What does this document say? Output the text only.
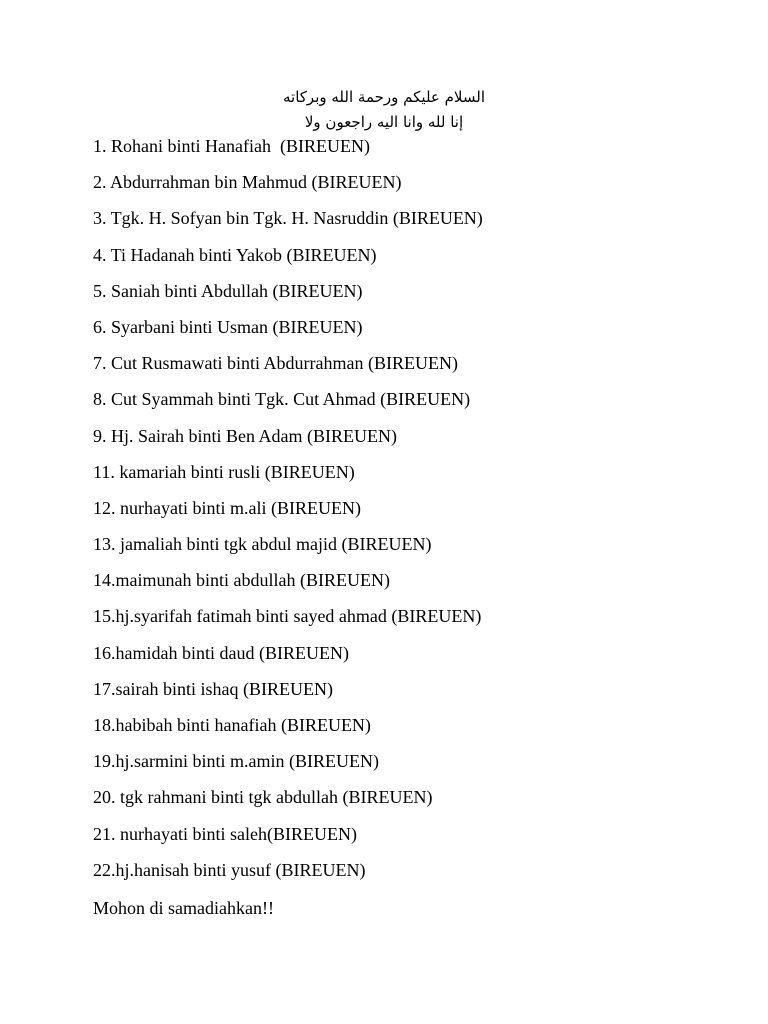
السلام عليكم ورحمة الله وبركاته
إنا لله وانا اليه راجعون ولا
1. Rohani binti Hanafiah  (BIREUEN)
2. Abdurrahman bin Mahmud (BIREUEN)
3. Tgk. H. Sofyan bin Tgk. H. Nasruddin (BIREUEN)
4. Ti Hadanah binti Yakob (BIREUEN)
5. Saniah binti Abdullah (BIREUEN)
6. Syarbani binti Usman (BIREUEN)
7. Cut Rusmawati binti Abdurrahman (BIREUEN)
8. Cut Syammah binti Tgk. Cut Ahmad (BIREUEN)
9. Hj. Sairah binti Ben Adam (BIREUEN)
11. kamariah binti rusli (BIREUEN)
12. nurhayati binti m.ali (BIREUEN)
13. jamaliah binti tgk abdul majid (BIREUEN)
14.maimunah binti abdullah (BIREUEN)
15.hj.syarifah fatimah binti sayed ahmad (BIREUEN)
16.hamidah binti daud (BIREUEN)
17.sairah binti ishaq (BIREUEN)
18.habibah binti hanafiah (BIREUEN)
19.hj.sarmini binti m.amin (BIREUEN)
20. tgk rahmani binti tgk abdullah (BIREUEN)
21. nurhayati binti saleh(BIREUEN)
22.hj.hanisah binti yusuf (BIREUEN)
Mohon di samadiahkan!!
